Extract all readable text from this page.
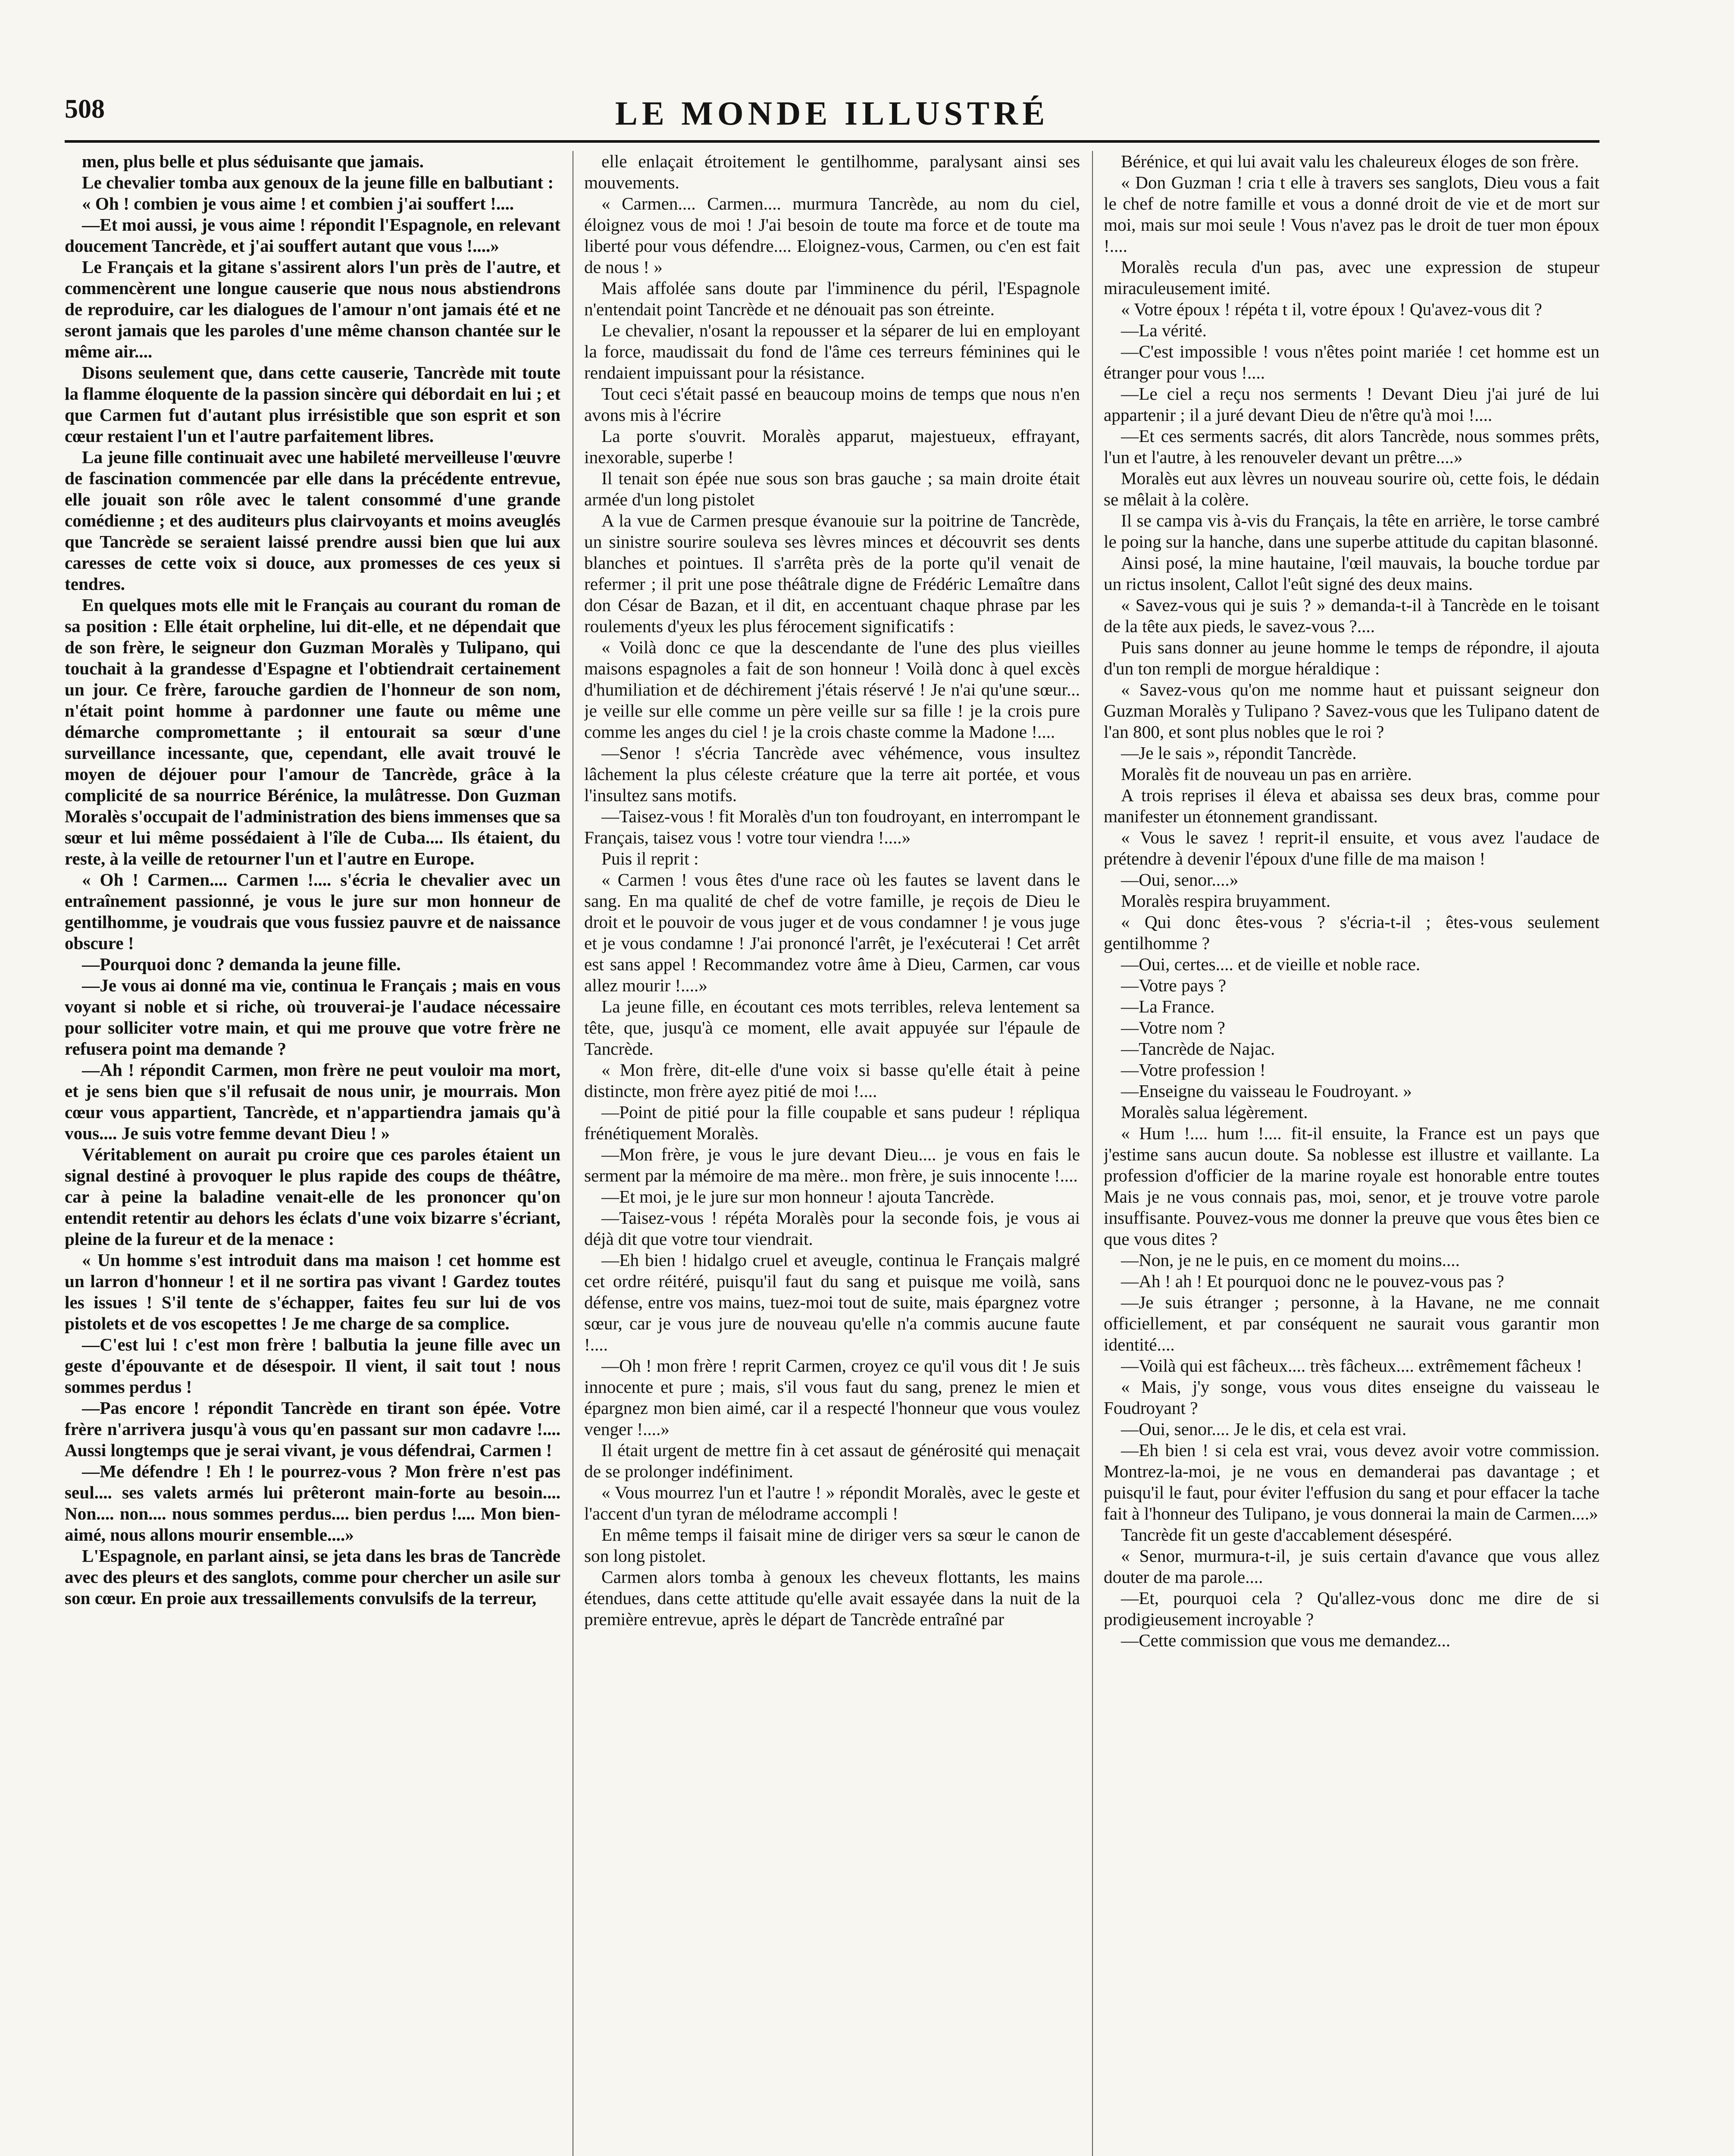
508	LE MONDE ILLUSTRÉ

men, plus belle et plus séduisante que jamais.

Le chevalier tomba aux genoux de la jeune fille en balbutiant :

« Oh ! combien je vous aime ! et combien j'ai souffert !....

—Et moi aussi, je vous aime ! répondit l'Espagnole, en relevant doucement Tancrède, et j'ai souffert autant que vous !....»

Le Français et la gitane s'assirent alors l'un près de l'autre, et commencèrent une longue causerie que nous nous abstiendrons de reproduire, car les dialogues de l'amour n'ont jamais été et ne seront jamais que les paroles d'une même chanson chantée sur le même air....

Disons seulement que, dans cette causerie, Tancrède mit toute la flamme éloquente de la passion sincère qui débordait en lui ; et que Carmen fut d'autant plus irrésistible que son esprit et son cœur restaient l'un et l'autre parfaitement libres.

La jeune fille continuait avec une habileté merveilleuse l'œuvre de fascination commencée par elle dans la précédente entrevue, elle jouait son rôle avec le talent consommé d'une grande comédienne ; et des auditeurs plus clairvoyants et moins aveuglés que Tancrède se seraient laissé prendre aussi bien que lui aux caresses de cette voix si douce, aux promesses de ces yeux si tendres.

En quelques mots elle mit le Français au courant du roman de sa position : Elle était orpheline, lui dit-elle, et ne dépendait que de son frère, le seigneur don Guzman Moralès y Tulipano, qui touchait à la grandesse d'Espagne et l'obtiendrait certainement un jour. Ce frère, farouche gardien de l'honneur de son nom, n'était point homme à pardonner une faute ou même une démarche compromettante ; il entourait sa sœur d'une surveillance incessante, que, cependant, elle avait trouvé le moyen de déjouer pour l'amour de Tancrède, grâce à la complicité de sa nourrice Bérénice, la mulâtresse. Don Guzman Moralès s'occupait de l'administration des biens immenses que sa sœur et lui même possédaient à l'île de Cuba.... Ils étaient, du reste, à la veille de retourner l'un et l'autre en Europe.

« Oh ! Carmen.... Carmen !.... s'écria le chevalier avec un entraînement passionné, je vous le jure sur mon honneur de gentilhomme, je voudrais que vous fussiez pauvre et de naissance obscure !

—Pourquoi donc ? demanda la jeune fille.

—Je vous ai donné ma vie, continua le Français ; mais en vous voyant si noble et si riche, où trouverai-je l'audace nécessaire pour solliciter votre main, et qui me prouve que votre frère ne refusera point ma demande ?

—Ah ! répondit Carmen, mon frère ne peut vouloir ma mort, et je sens bien que s'il refusait de nous unir, je mourrais. Mon cœur vous appartient, Tancrède, et n'appartiendra jamais qu'à vous.... Je suis votre femme devant Dieu ! »

Véritablement on aurait pu croire que ces paroles étaient un signal destiné à provoquer le plus rapide des coups de théâtre, car à peine la baladine venait-elle de les prononcer qu'on entendit retentir au dehors les éclats d'une voix bizarre s'écriant, pleine de la fureur et de la menace :

« Un homme s'est introduit dans ma maison ! cet homme est un larron d'honneur ! et il ne sortira pas vivant ! Gardez toutes les issues ! S'il tente de s'échapper, faites feu sur lui de vos pistolets et de vos escopettes ! Je me charge de sa complice.

—C'est lui ! c'est mon frère ! balbutia la jeune fille avec un geste d'épouvante et de désespoir. Il vient, il sait tout ! nous sommes perdus !

—Pas encore ! répondit Tancrède en tirant son épée. Votre frère n'arrivera jusqu'à vous qu'en passant sur mon cadavre !.... Aussi longtemps que je serai vivant, je vous défendrai, Carmen !

—Me défendre ! Eh ! le pourrez-vous ? Mon frère n'est pas seul.... ses valets armés lui prêteront main-forte au besoin.... Non.... non.... nous sommes perdus.... bien perdus !.... Mon bien-aimé, nous allons mourir ensemble....»

L'Espagnole, en parlant ainsi, se jeta dans les bras de Tancrède avec des pleurs et des sanglots, comme pour chercher un asile sur son cœur. En proie aux tressaillements convulsifs de la terreur,

elle enlaçait étroitement le gentilhomme, paralysant ainsi ses mouvements.

« Carmen.... Carmen.... murmura Tancrède, au nom du ciel, éloignez vous de moi ! J'ai besoin de toute ma force et de toute ma liberté pour vous défendre.... Eloignez-vous, Carmen, ou c'en est fait de nous ! »

Mais affolée sans doute par l'imminence du péril, l'Espagnole n'entendait point Tancrède et ne dénouait pas son étreinte.

Le chevalier, n'osant la repousser et la séparer de lui en employant la force, maudissait du fond de l'âme ces terreurs féminines qui le rendaient impuissant pour la résistance.

Tout ceci s'était passé en beaucoup moins de temps que nous n'en avons mis à l'écrire

La porte s'ouvrit. Moralès apparut, majestueux, effrayant, inexorable, superbe !

Il tenait son épée nue sous son bras gauche ; sa main droite était armée d'un long pistolet

A la vue de Carmen presque évanouie sur la poitrine de Tancrède, un sinistre sourire souleva ses lèvres minces et découvrit ses dents blanches et pointues. Il s'arrêta près de la porte qu'il venait de refermer ; il prit une pose théâtrale digne de Frédéric Lemaître dans don César de Bazan, et il dit, en accentuant chaque phrase par les roulements d'yeux les plus férocement significatifs :

« Voilà donc ce que la descendante de l'une des plus vieilles maisons espagnoles a fait de son honneur ! Voilà donc à quel excès d'humiliation et de déchirement j'étais réservé ! Je n'ai qu'une sœur... je veille sur elle comme un père veille sur sa fille ! je la crois pure comme les anges du ciel ! je la crois chaste comme la Madone !....

—Senor ! s'écria Tancrède avec véhémence, vous insultez lâchement la plus céleste créature que la terre ait portée, et vous l'insultez sans motifs.

—Taisez-vous ! fit Moralès d'un ton foudroyant, en interrompant le Français, taisez vous ! votre tour viendra !....»

Puis il reprit :

« Carmen ! vous êtes d'une race où les fautes se lavent dans le sang. En ma qualité de chef de votre famille, je reçois de Dieu le droit et le pouvoir de vous juger et de vous condamner ! je vous juge et je vous condamne ! J'ai prononcé l'arrêt, je l'exécuterai ! Cet arrêt est sans appel ! Recommandez votre âme à Dieu, Carmen, car vous allez mourir !....»

La jeune fille, en écoutant ces mots terribles, releva lentement sa tête, que, jusqu'à ce moment, elle avait appuyée sur l'épaule de Tancrède.

« Mon frère, dit-elle d'une voix si basse qu'elle était à peine distincte, mon frère ayez pitié de moi !....

—Point de pitié pour la fille coupable et sans pudeur ! répliqua frénétiquement Moralès.

—Mon frère, je vous le jure devant Dieu.... je vous en fais le serment par la mémoire de ma mère.. mon frère, je suis innocente !....

—Et moi, je le jure sur mon honneur ! ajouta Tancrède.

—Taisez-vous ! répéta Moralès pour la seconde fois, je vous ai déjà dit que votre tour viendrait.

—Eh bien ! hidalgo cruel et aveugle, continua le Français malgré cet ordre réitéré, puisqu'il faut du sang et puisque me voilà, sans défense, entre vos mains, tuez-moi tout de suite, mais épargnez votre sœur, car je vous jure de nouveau qu'elle n'a commis aucune faute !....

—Oh ! mon frère ! reprit Carmen, croyez ce qu'il vous dit ! Je suis innocente et pure ; mais, s'il vous faut du sang, prenez le mien et épargnez mon bien aimé, car il a respecté l'honneur que vous voulez venger !....»

Il était urgent de mettre fin à cet assaut de générosité qui menaçait de se prolonger indéfiniment.

« Vous mourrez l'un et l'autre ! » répondit Moralès, avec le geste et l'accent d'un tyran de mélodrame accompli !

En même temps il faisait mine de diriger vers sa sœur le canon de son long pistolet.

Carmen alors tomba à genoux les cheveux flottants, les mains étendues, dans cette attitude qu'elle avait essayée dans la nuit de la première entrevue, après le départ de Tancrède entraîné par

Bérénice, et qui lui avait valu les chaleureux éloges de son frère.

« Don Guzman ! cria t elle à travers ses sanglots, Dieu vous a fait le chef de notre famille et vous a donné droit de vie et de mort sur moi, mais sur moi seule ! Vous n'avez pas le droit de tuer mon époux !....

Moralès recula d'un pas, avec une expression de stupeur miraculeusement imité.

« Votre époux ! répéta t il, votre époux ! Qu'avez-vous dit ?

—La vérité.

—C'est impossible ! vous n'êtes point mariée ! cet homme est un étranger pour vous !....

—Le ciel a reçu nos serments ! Devant Dieu j'ai juré de lui appartenir ; il a juré devant Dieu de n'être qu'à moi !....

—Et ces serments sacrés, dit alors Tancrède, nous sommes prêts, l'un et l'autre, à les renouveler devant un prêtre....»

Moralès eut aux lèvres un nouveau sourire où, cette fois, le dédain se mêlait à la colère.

Il se campa vis à-vis du Français, la tête en arrière, le torse cambré le poing sur la hanche, dans une superbe attitude du capitan blasonné.

Ainsi posé, la mine hautaine, l'œil mauvais, la bouche tordue par un rictus insolent, Callot l'eût signé des deux mains.

« Savez-vous qui je suis ? » demanda-t-il à Tancrède en le toisant de la tête aux pieds, le savez-vous ?....

Puis sans donner au jeune homme le temps de répondre, il ajouta d'un ton rempli de morgue héraldique :

« Savez-vous qu'on me nomme haut et puissant seigneur don Guzman Moralès y Tulipano ? Savez-vous que les Tulipano datent de l'an 800, et sont plus nobles que le roi ?

—Je le sais », répondit Tancrède.

Moralès fit de nouveau un pas en arrière.

A trois reprises il éleva et abaissa ses deux bras, comme pour manifester un étonnement grandissant.

« Vous le savez ! reprit-il ensuite, et vous avez l'audace de prétendre à devenir l'époux d'une fille de ma maison !

—Oui, senor....»

Moralès respira bruyamment.

« Qui donc êtes-vous ? s'écria-t-il ; êtes-vous seulement gentilhomme ?

—Oui, certes.... et de vieille et noble race.

—Votre pays ?

—La France.

—Votre nom ?

—Tancrède de Najac.

—Votre profession !

—Enseigne du vaisseau le Foudroyant. »

Moralès salua légèrement.

« Hum !.... hum !.... fit-il ensuite, la France est un pays que j'estime sans aucun doute. Sa noblesse est illustre et vaillante. La profession d'officier de la marine royale est honorable entre toutes Mais je ne vous connais pas, moi, senor, et je trouve votre parole insuffisante. Pouvez-vous me donner la preuve que vous êtes bien ce que vous dites ?

—Non, je ne le puis, en ce moment du moins....

—Ah ! ah ! Et pourquoi donc ne le pouvez-vous pas ?

—Je suis étranger ; personne, à la Havane, ne me connait officiellement, et par conséquent ne saurait vous garantir mon identité....

—Voilà qui est fâcheux.... très fâcheux.... extrêmement fâcheux !

« Mais, j'y songe, vous vous dites enseigne du vaisseau le Foudroyant ?

—Oui, senor.... Je le dis, et cela est vrai.

—Eh bien ! si cela est vrai, vous devez avoir votre commission. Montrez-la-moi, je ne vous en demanderai pas davantage ; et puisqu'il le faut, pour éviter l'effusion du sang et pour effacer la tache fait à l'honneur des Tulipano, je vous donnerai la main de Carmen....»

Tancrède fit un geste d'accablement désespéré.

« Senor, murmura-t-il, je suis certain d'avance que vous allez douter de ma parole....

—Et, pourquoi cela ? Qu'allez-vous donc me dire de si prodigieusement incroyable ?

—Cette commission que vous me demandez...
